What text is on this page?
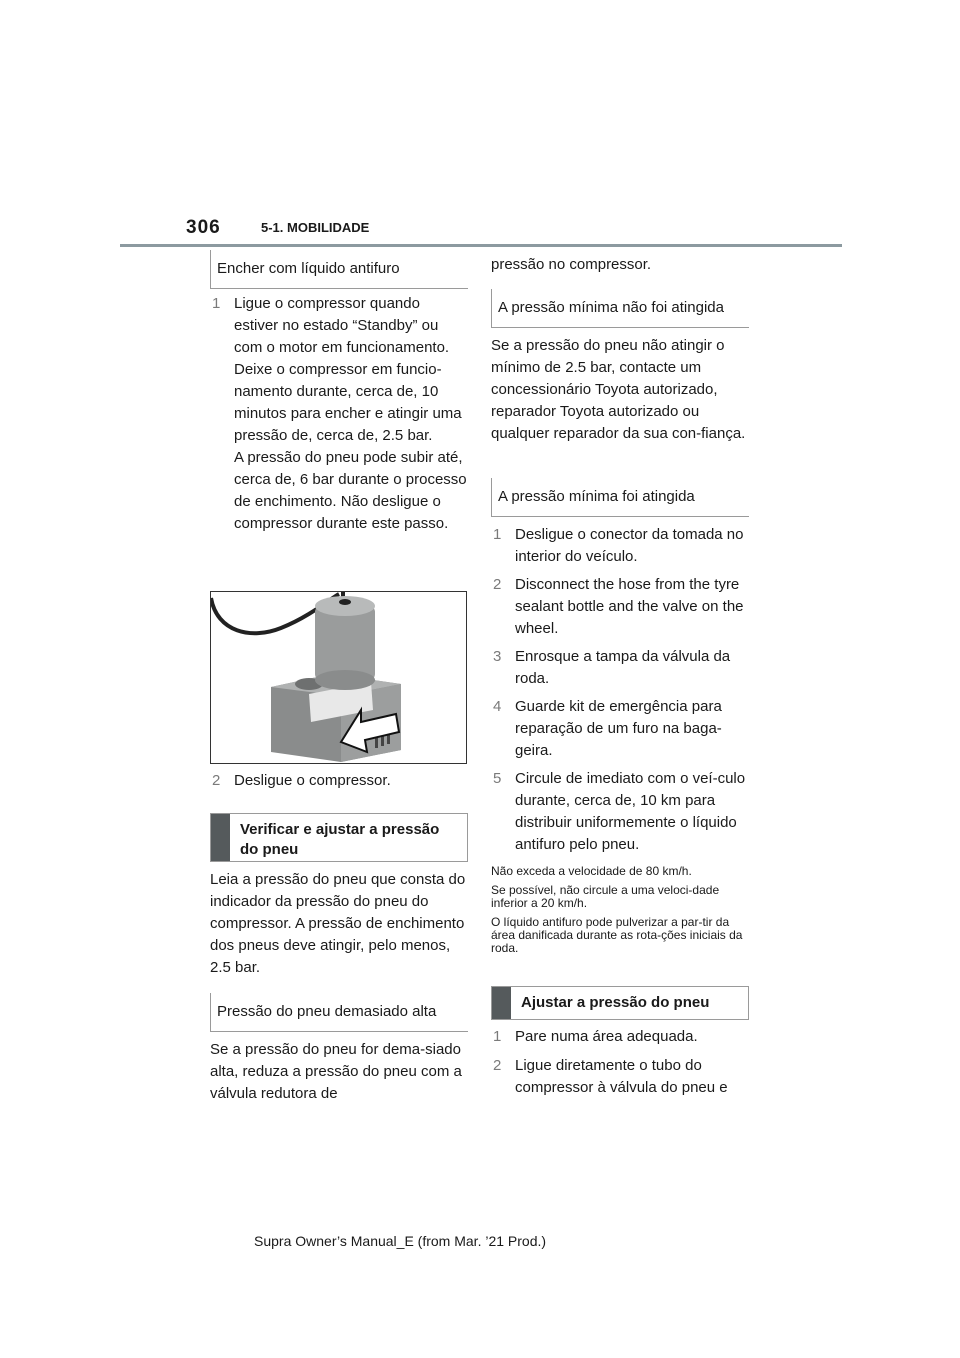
306	5-1. MOBILIDADE
Encher com líquido antifuro
1 Ligue o compressor quando estiver no estado “Standby” ou com o motor em funcionamento. Deixe o compressor em funcio-namento durante, cerca de, 10 minutos para encher e atingir uma pressão de, cerca de, 2.5 bar.
A pressão do pneu pode subir até, cerca de, 6 bar durante o processo de enchimento. Não desligue o compressor durante este passo.
2 Desligue o compressor.
Verificar e ajustar a pressão do pneu
Leia a pressão do pneu que consta do indicador da pressão do pneu do compressor. A pressão de enchimento dos pneus deve atingir, pelo menos, 2.5 bar.
Pressão do pneu demasiado alta
Se a pressão do pneu for dema-siado alta, reduza a pressão do pneu com a válvula redutora de
pressão no compressor.
A pressão mínima não foi atingida
Se a pressão do pneu não atingir o mínimo de 2.5 bar, contacte um concessionário Toyota autorizado, reparador Toyota autorizado ou qualquer reparador da sua con-fiança.
A pressão mínima foi atingida
1 Desligue o conector da tomada no interior do veículo.
2 Disconnect the hose from the tyre sealant bottle and the valve on the wheel.
3 Enrosque a tampa da válvula da roda.
4 Guarde kit de emergência para reparação de um furo na baga-geira.
5 Circule de imediato com o veí-culo durante, cerca de, 10 km para distribuir uniformemente o líquido antifuro pelo pneu.
Não exceda a velocidade de 80 km/h.
Se possível, não circule a uma veloci-dade inferior a 20 km/h.
O líquido antifuro pode pulverizar a par-tir da área danificada durante as rota-ções iniciais da roda.
Ajustar a pressão do pneu
1 Pare numa área adequada.
2 Ligue diretamente o tubo do compressor à válvula do pneu e
Supra Owner’s Manual_E (from Mar. ’21 Prod.)
